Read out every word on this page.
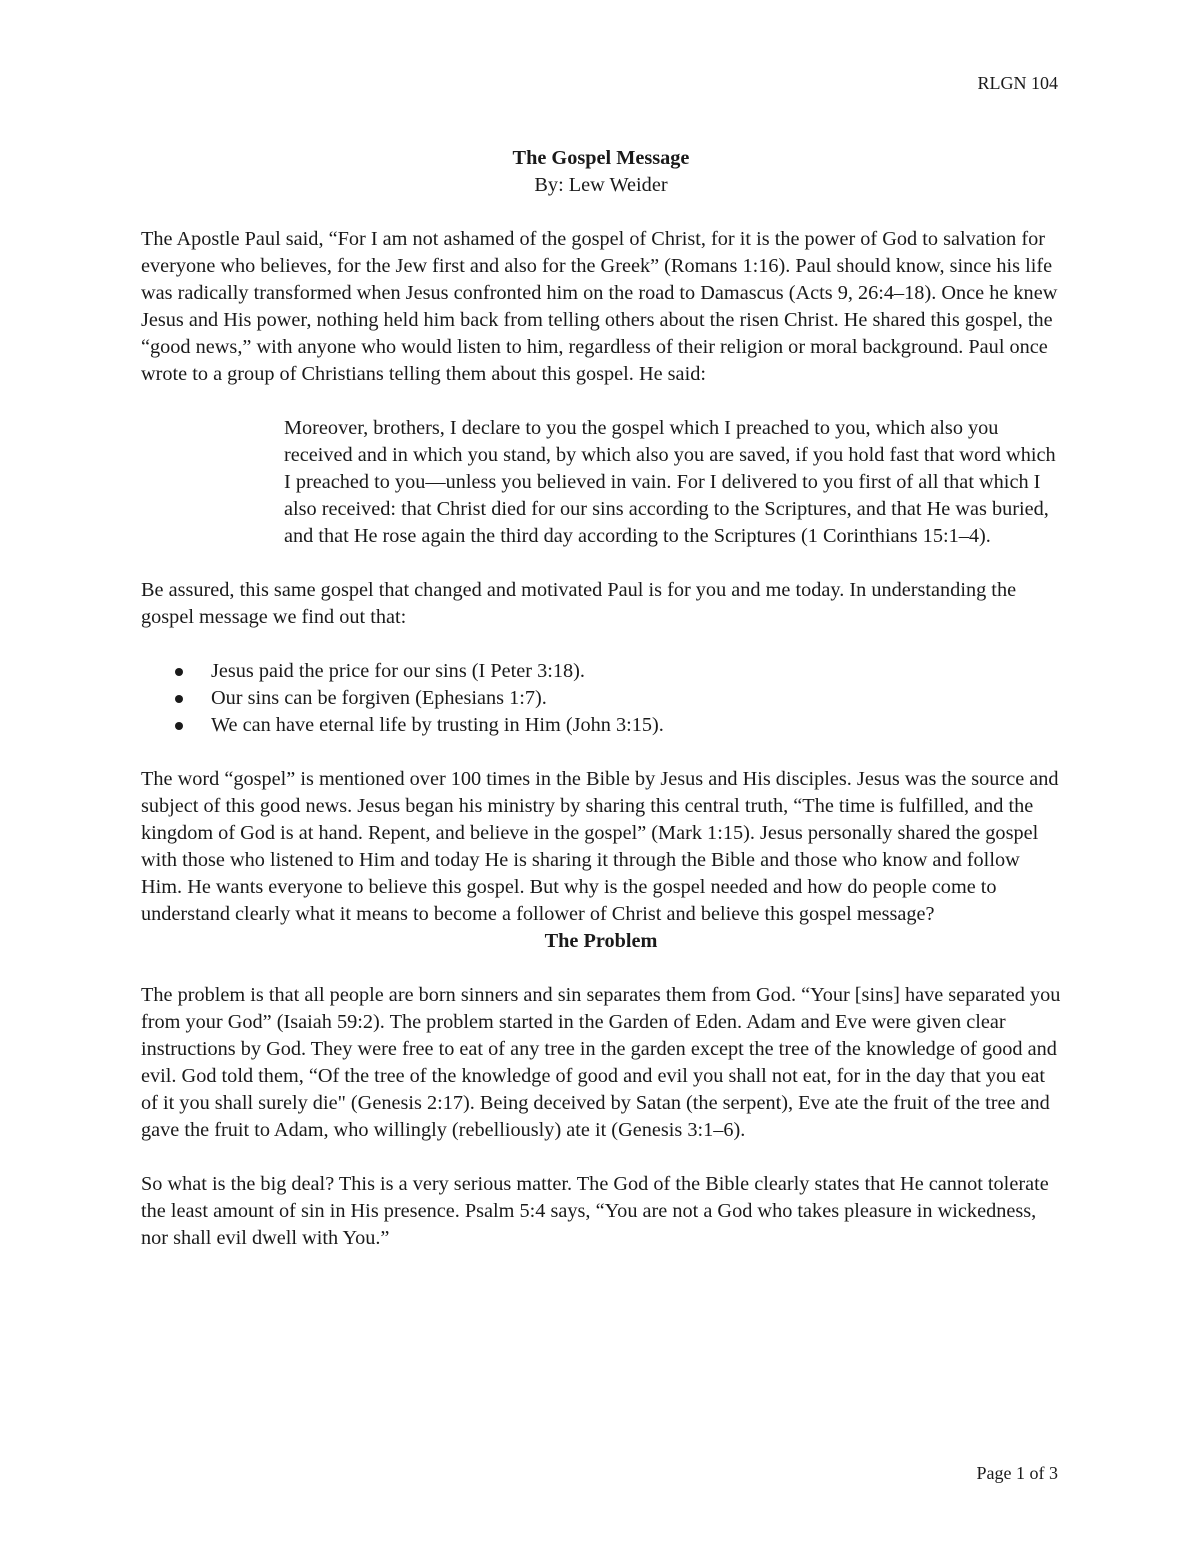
RLGN 104
The Gospel Message

By: Lew Weider

The Apostle Paul said, “For I am not ashamed of the gospel of Christ, for it is the power of God to salvation for everyone who believes, for the Jew first and also for the Greek” (Romans 1:16). Paul should know, since his life was radically transformed when Jesus confronted him on the road to Damascus (Acts 9, 26:4–18). Once he knew Jesus and His power, nothing held him back from telling others about the risen Christ. He shared this gospel, the “good news,” with anyone who would listen to him, regardless of their religion or moral background. Paul once wrote to a group of Christians telling them about this gospel. He said:

Moreover, brothers, I declare to you the gospel which I preached to you, which also you received and in which you stand, by which also you are saved, if you hold fast that word which I preached to you—unless you believed in vain. For I delivered to you first of all that which I also received: that Christ died for our sins according to the Scriptures, and that He was buried, and that He rose again the third day according to the Scriptures (1 Corinthians 15:1–4).

Be assured, this same gospel that changed and motivated Paul is for you and me today. In understanding the gospel message we find out that:

Jesus paid the price for our sins (I Peter 3:18).
Our sins can be forgiven (Ephesians 1:7).
We can have eternal life by trusting in Him (John 3:15).

The word “gospel” is mentioned over 100 times in the Bible by Jesus and His disciples. Jesus was the source and subject of this good news. Jesus began his ministry by sharing this central truth, “The time is fulfilled, and the kingdom of God is at hand. Repent, and believe in the gospel” (Mark 1:15). Jesus personally shared the gospel with those who listened to Him and today He is sharing it through the Bible and those who know and follow Him. He wants everyone to believe this gospel. But why is the gospel needed and how do people come to understand clearly what it means to become a follower of Christ and believe this gospel message?

The Problem

The problem is that all people are born sinners and sin separates them from God. “Your [sins] have separated you from your God” (Isaiah 59:2). The problem started in the Garden of Eden. Adam and Eve were given clear instructions by God. They were free to eat of any tree in the garden except the tree of the knowledge of good and evil. God told them, “Of the tree of the knowledge of good and evil you shall not eat, for in the day that you eat of it you shall surely die" (Genesis 2:17). Being deceived by Satan (the serpent), Eve ate the fruit of the tree and gave the fruit to Adam, who willingly (rebelliously) ate it (Genesis 3:1–6).

So what is the big deal? This is a very serious matter. The God of the Bible clearly states that He cannot tolerate the least amount of sin in His presence. Psalm 5:4 says, “You are not a God who takes pleasure in wickedness, nor shall evil dwell with You.”

Page 1 of 3
